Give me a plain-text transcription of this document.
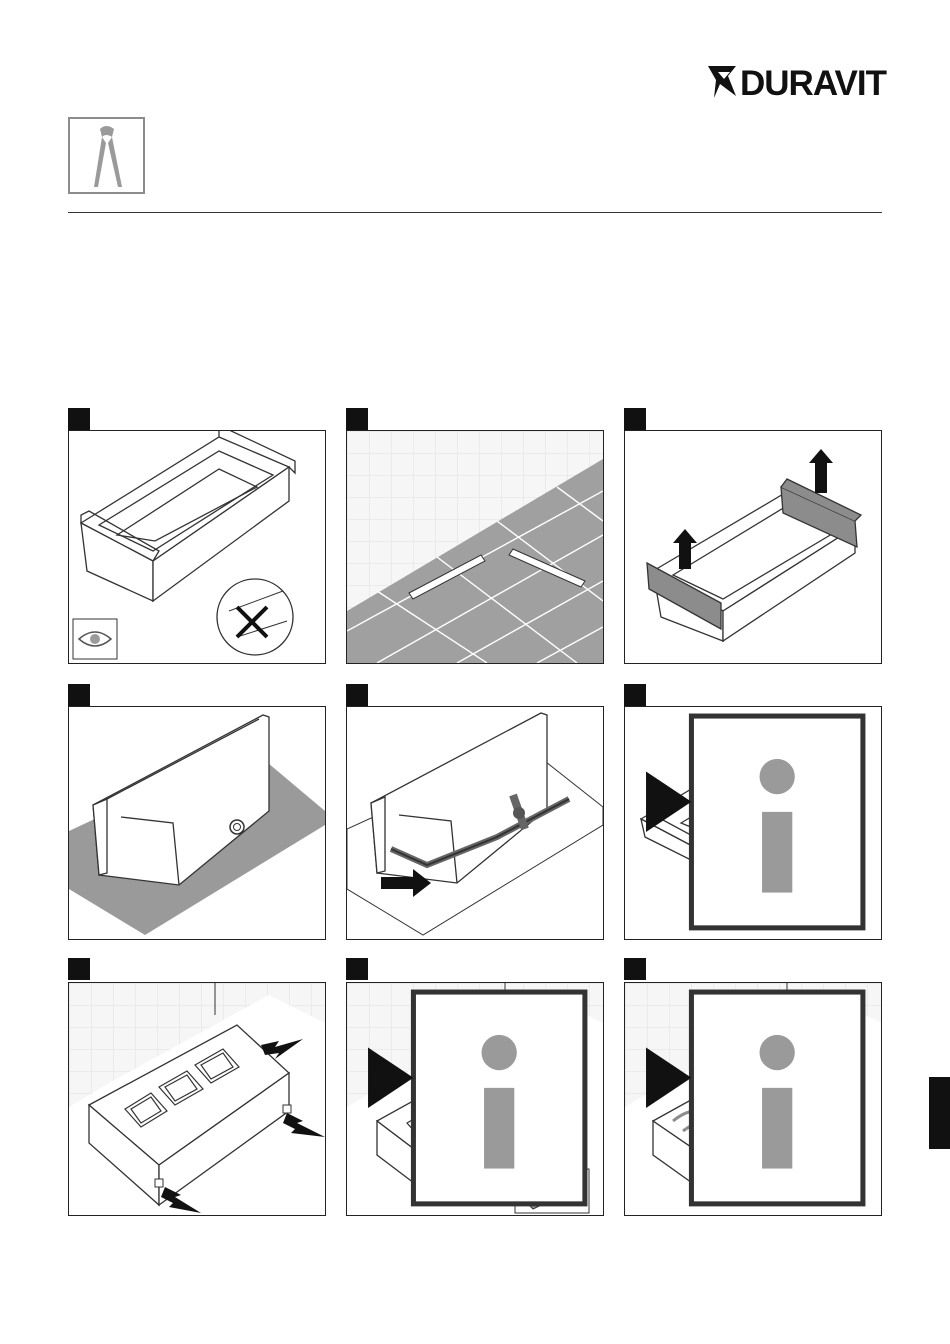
DURAVIT
